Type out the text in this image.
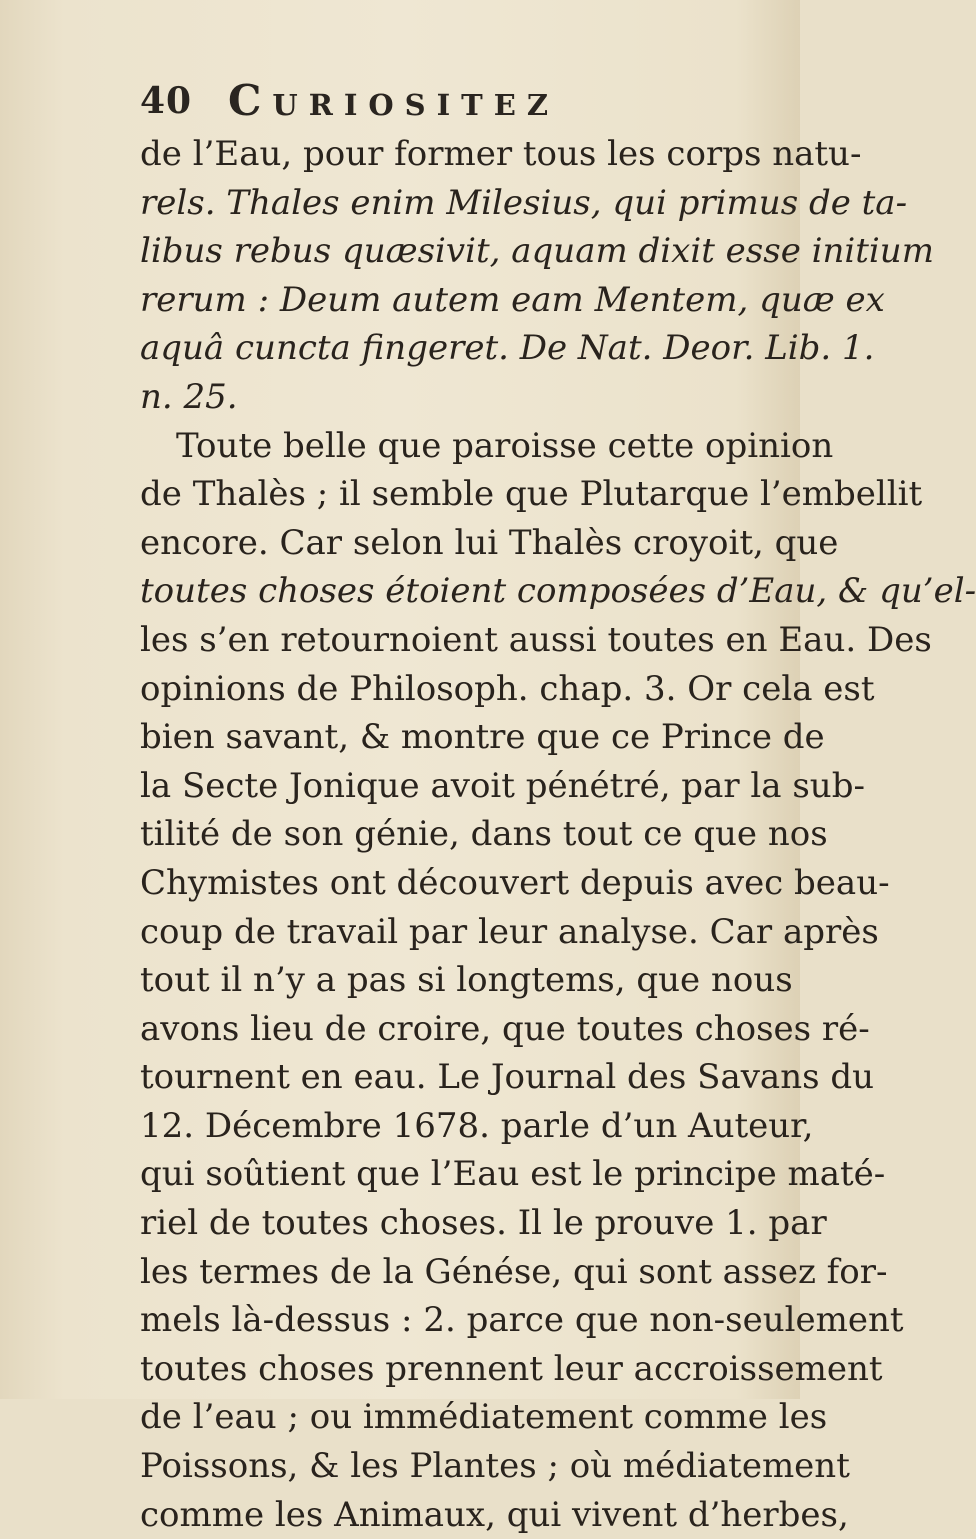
40 Curiositez
de l’Eau, pour former tous les corps natu-
rels. Thales enim Milesius, qui primus de ta-
libus rebus quæsivit, aquam dixit esse initium
rerum : Deum autem eam Mentem, quæ ex
aquâ cuncta fingeret. De Nat. Deor. Lib. 1.
n. 25.
Toute belle que paroisse cette opinion
de Thalès ; il semble que Plutarque l’embellit
encore. Car selon lui Thalès croyoit, que
toutes choses étoient composées d’Eau, & qu’el-
les s’en retournoient aussi toutes en Eau. Des
opinions de Philosoph. chap. 3. Or cela est
bien savant, & montre que ce Prince de
la Secte Jonique avoit pénétré, par la sub-
tilité de son génie, dans tout ce que nos
Chymistes ont découvert depuis avec beau-
coup de travail par leur analyse. Car après
tout il n’y a pas si longtems, que nous
avons lieu de croire, que toutes choses ré-
tournent en eau. Le Journal des Savans du
12. Décembre 1678. parle d’un Auteur,
qui soûtient que l’Eau est le principe maté-
riel de toutes choses. Il le prouve 1. par
les termes de la Génése, qui sont assez for-
mels là-dessus : 2. parce que non-seulement
toutes choses prennent leur accroissement
de l’eau ; ou immédiatement comme les
Poissons, & les Plantes ; où médiatement
comme les Animaux, qui vivent d’herbes,
